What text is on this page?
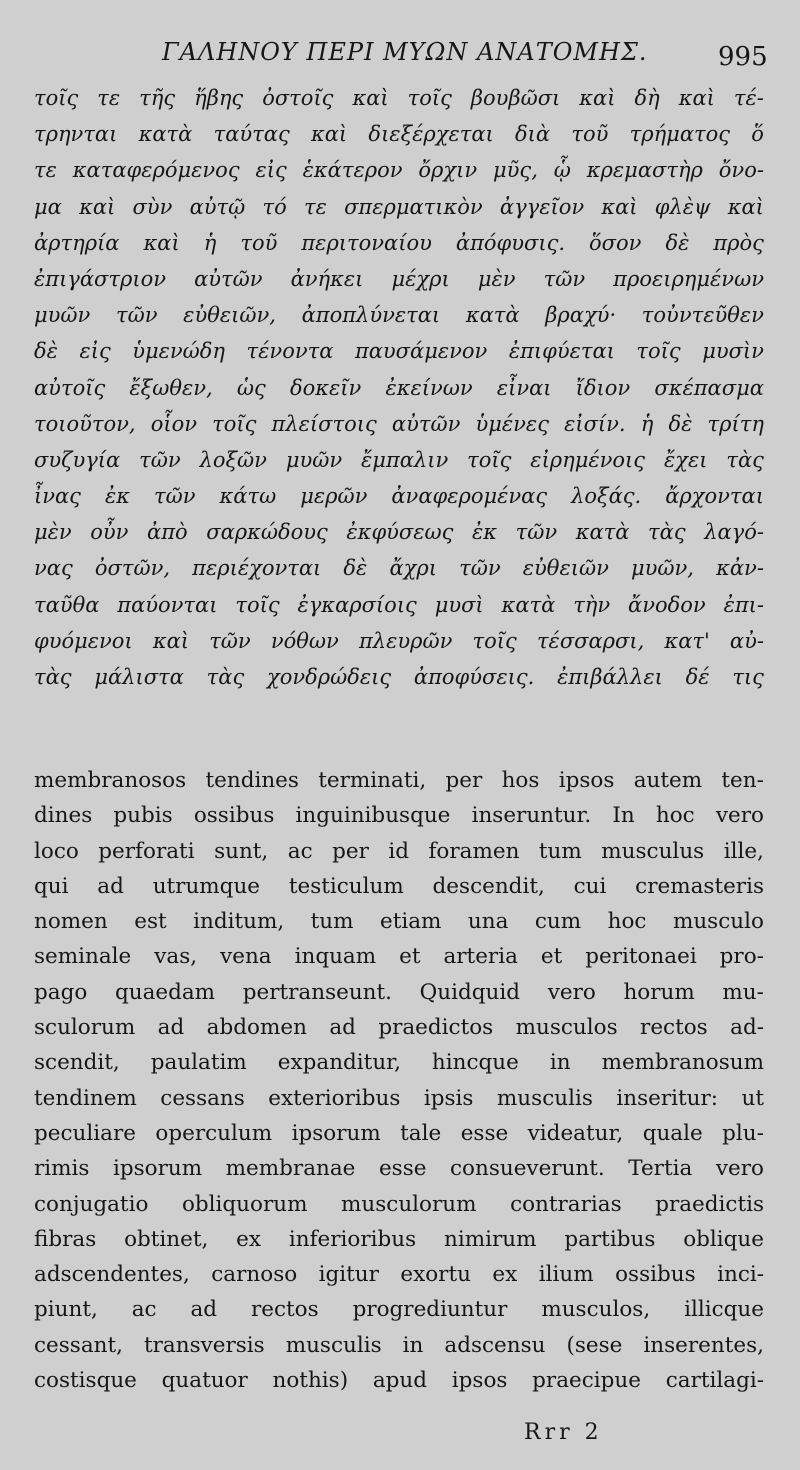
ΓΑΛΗΝΟΥ ΠΕΡΙ ΜΥΩΝ ΑΝΑΤΟΜΗΣ.	995
τοῖς τε τῆς ἥβης ὀστοῖς καὶ τοῖς βουβῶσι καὶ δὴ καὶ τέ-
τρηνται κατὰ ταύτας καὶ διεξέρχεται διὰ τοῦ τρήματος ὅ
τε καταφερόμενος εἰς ἑκάτερον ὄρχιν μῦς, ᾧ κρεμαστὴρ ὄνο-
μα καὶ σὺν αὐτῷ τό τε σπερματικὸν ἀγγεῖον καὶ φλὲψ καὶ
ἀρτηρία καὶ ἡ τοῦ περιτοναίου ἀπόφυσις. ὅσον δὲ πρὸς
ἐπιγάστριον αὐτῶν ἀνήκει μέχρι μὲν τῶν προειρημένων
μυῶν τῶν εὐθειῶν, ἀποπλύνεται κατὰ βραχύ· τοὐντεῦθεν
δὲ εἰς ὑμενώδη τένοντα παυσάμενον ἐπιφύεται τοῖς μυσὶν
αὐτοῖς ἔξωθεν, ὡς δοκεῖν ἐκείνων εἶναι ἴδιον σκέπασμα
τοιοῦτον, οἷον τοῖς πλείστοις αὐτῶν ὑμένες εἰσίν. ἡ δὲ τρίτη
συζυγία τῶν λοξῶν μυῶν ἔμπαλιν τοῖς εἰρημένοις ἔχει τὰς
ἶνας ἐκ τῶν κάτω μερῶν ἀναφερομένας λοξάς. ἄρχονται
μὲν οὖν ἀπὸ σαρκώδους ἐκφύσεως ἐκ τῶν κατὰ τὰς λαγό-
νας ὀστῶν, περιέχονται δὲ ἄχρι τῶν εὐθειῶν μυῶν, κἀν-
ταῦθα παύονται τοῖς ἐγκαρσίοις μυσὶ κατὰ τὴν ἄνοδον ἐπι-
φυόμενοι καὶ τῶν νόθων πλευρῶν τοῖς τέσσαρσι, κατ' αὐ-
τὰς μάλιστα τὰς χονδρώδεις ἀποφύσεις. ἐπιβάλλει δέ τις
membranosos tendines terminati, per hos ipsos autem ten-
dines pubis ossibus inguinibusque inseruntur. In hoc vero
loco perforati sunt, ac per id foramen tum musculus ille,
qui ad utrumque testiculum descendit, cui cremasteris
nomen est inditum, tum etiam una cum hoc musculo
seminale vas, vena inquam et arteria et peritonaei pro-
pago quaedam pertranseunt. Quidquid vero horum mu-
sculorum ad abdomen ad praedictos musculos rectos ad-
scendit, paulatim expanditur, hincque in membranosum
tendinem cessans exterioribus ipsis musculis inseritur: ut
peculiare operculum ipsorum tale esse videatur, quale plu-
rimis ipsorum membranae esse consueverunt. Tertia vero
conjugatio obliquorum musculorum contrarias praedictis
fibras obtinet, ex inferioribus nimirum partibus oblique
adscendentes, carnoso igitur exortu ex ilium ossibus inci-
piunt, ac ad rectos progrediuntur musculos, illicque
cessant, transversis musculis in adscensu (sese inserentes,
costisque quatuor nothis) apud ipsos praecipue cartilagi-
Rrr 2
